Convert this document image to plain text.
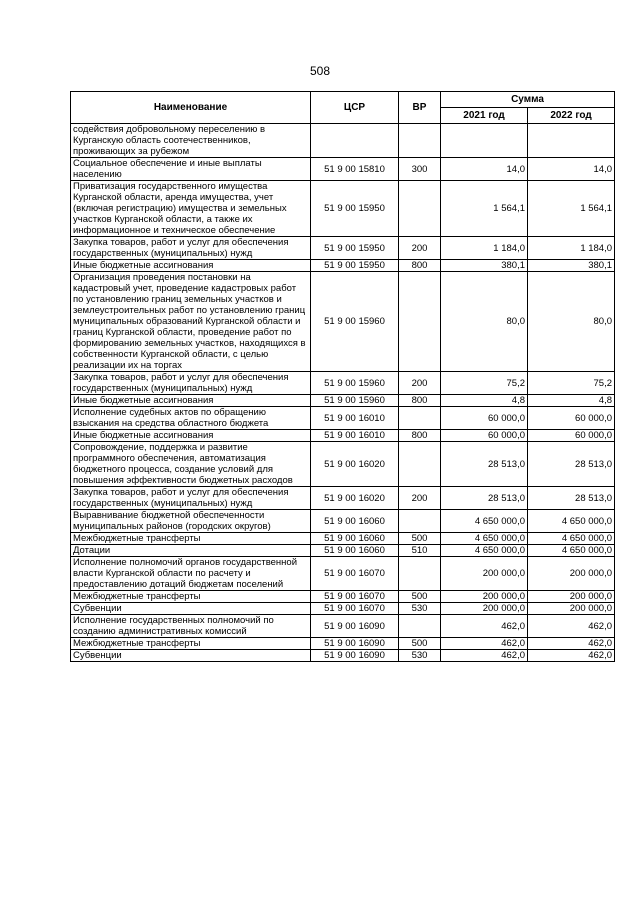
508
Наименование	ЦСР	ВР	Сумма	
			2021 год	2022 год
содействия добровольному переселению в Курганскую область соотечественников, проживающих за рубежом				
Социальное обеспечение и иные выплаты населению	51 9 00 15810	300	14,0	14,0
Приватизация государственного имущества Курганской области, аренда имущества, учет (включая регистрацию) имущества и земельных участков Курганской области, а также их информационное и техническое обеспечение	51 9 00 15950		1 564,1	1 564,1
Закупка товаров, работ и услуг для обеспечения государственных (муниципальных) нужд	51 9 00 15950	200	1 184,0	1 184,0
Иные бюджетные ассигнования	51 9 00 15950	800	380,1	380,1
Организация проведения постановки на кадастровый учет, проведение кадастровых работ по установлению границ земельных участков и землеустроительных работ по установлению границ муниципальных образований Курганской области и границ Курганской области, проведение работ по формированию земельных участков, находящихся в собственности Курганской области, с целью реализации их на торгах	51 9 00 15960		80,0	80,0
Закупка товаров, работ и услуг для обеспечения государственных (муниципальных) нужд	51 9 00 15960	200	75,2	75,2
Иные бюджетные ассигнования	51 9 00 15960	800	4,8	4,8
Исполнение судебных актов по обращению взыскания на средства областного бюджета	51 9 00 16010		60 000,0	60 000,0
Иные бюджетные ассигнования	51 9 00 16010	800	60 000,0	60 000,0
Сопровождение, поддержка и развитие программного обеспечения, автоматизация бюджетного процесса, создание условий для повышения эффективности бюджетных расходов	51 9 00 16020		28 513,0	28 513,0
Закупка товаров, работ и услуг для обеспечения государственных (муниципальных) нужд	51 9 00 16020	200	28 513,0	28 513,0
Выравнивание бюджетной обеспеченности муниципальных районов (городских округов)	51 9 00 16060		4 650 000,0	4 650 000,0
Межбюджетные трансферты	51 9 00 16060	500	4 650 000,0	4 650 000,0
Дотации	51 9 00 16060	510	4 650 000,0	4 650 000,0
Исполнение полномочий органов государственной власти Курганской области по расчету и предоставлению дотаций бюджетам поселений	51 9 00 16070		200 000,0	200 000,0
Межбюджетные трансферты	51 9 00 16070	500	200 000,0	200 000,0
Субвенции	51 9 00 16070	530	200 000,0	200 000,0
Исполнение государственных полномочий по созданию административных комиссий	51 9 00 16090		462,0	462,0
Межбюджетные трансферты	51 9 00 16090	500	462,0	462,0
Субвенции	51 9 00 16090	530	462,0	462,0
